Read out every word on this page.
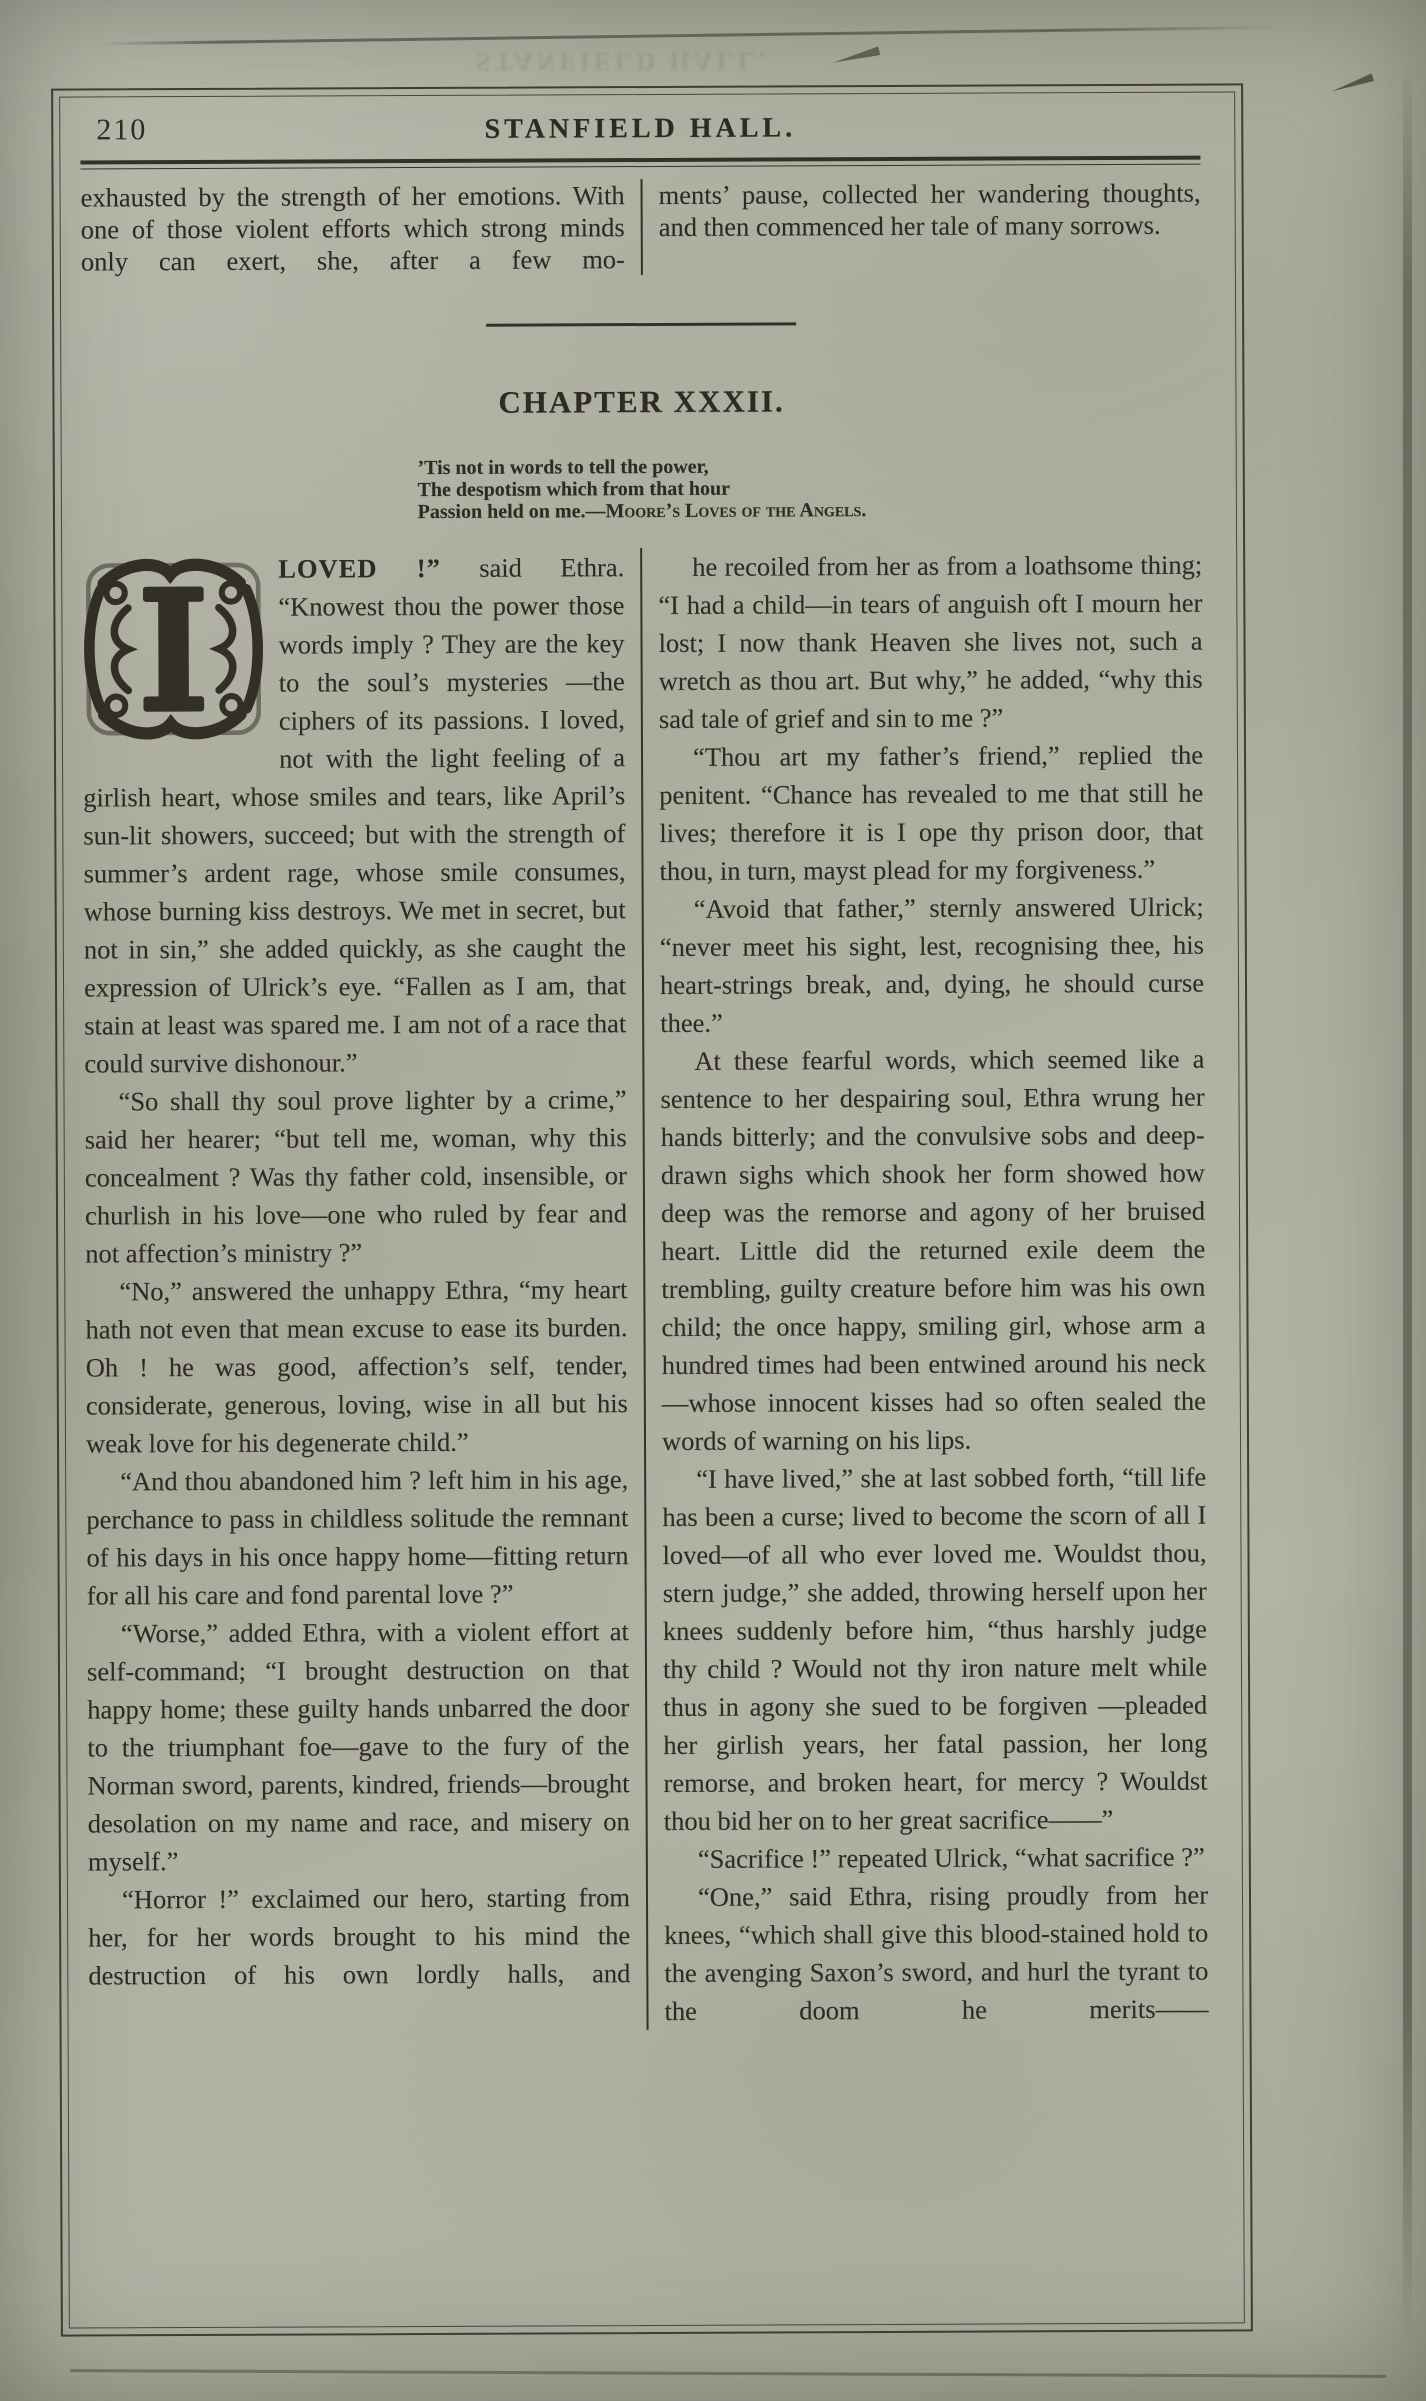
STANFIELD HALL.
210	STANFIELD HALL.
exhausted by the strength of her emotions. With one of those violent efforts which strong minds only can exert, she, after a few mo-
ments’ pause, collected her wandering thoughts, and then commenced her tale of many sorrows.
CHAPTER XXXII.
’Tis not in words to tell the power,
The despotism which from that hour
Passion held on me.—Moore’s Loves of the Angels.

LOVED !” said Ethra. “Knowest thou the power those words imply ? They are the key to the soul’s mysteries —the ciphers of its passions. I loved, not with the light feeling of a girlish heart, whose smiles and tears, like April’s sun-lit showers, succeed; but with the strength of summer’s ardent rage, whose smile consumes, whose burning kiss destroys. We met in secret, but not in sin,” she added quickly, as she caught the expression of Ulrick’s eye. “Fallen as I am, that stain at least was spared me. I am not of a race that could survive dishonour.”

“So shall thy soul prove lighter by a crime,” said her hearer; “but tell me, woman, why this concealment ? Was thy father cold, insensible, or churlish in his love—one who ruled by fear and not affection’s ministry ?”

“No,” answered the unhappy Ethra, “my heart hath not even that mean excuse to ease its burden. Oh ! he was good, affection’s self, tender, considerate, generous, loving, wise in all but his weak love for his degenerate child.”

“And thou abandoned him ? left him in his age, perchance to pass in childless solitude the remnant of his days in his once happy home—fitting return for all his care and fond parental love ?”

“Worse,” added Ethra, with a violent effort at self-command; “I brought destruction on that happy home; these guilty hands unbarred the door to the triumphant foe—gave to the fury of the Norman sword, parents, kindred, friends—brought desolation on my name and race, and misery on myself.”

“Horror !” exclaimed our hero, starting from her, for her words brought to his mind the destruction of his own lordly halls, and

he recoiled from her as from a loathsome thing; “I had a child—in tears of anguish oft I mourn her lost; I now thank Heaven she lives not, such a wretch as thou art. But why,” he added, “why this sad tale of grief and sin to me ?”

“Thou art my father’s friend,” replied the penitent. “Chance has revealed to me that still he lives; therefore it is I ope thy prison door, that thou, in turn, mayst plead for my forgiveness.”

“Avoid that father,” sternly answered Ulrick; “never meet his sight, lest, recognising thee, his heart-strings break, and, dying, he should curse thee.”

At these fearful words, which seemed like a sentence to her despairing soul, Ethra wrung her hands bitterly; and the convulsive sobs and deep-drawn sighs which shook her form showed how deep was the remorse and agony of her bruised heart. Little did the returned exile deem the trembling, guilty creature before him was his own child; the once happy, smiling girl, whose arm a hundred times had been entwined around his neck—whose innocent kisses had so often sealed the words of warning on his lips.

“I have lived,” she at last sobbed forth, “till life has been a curse; lived to become the scorn of all I loved—of all who ever loved me. Wouldst thou, stern judge,” she added, throwing herself upon her knees suddenly before him, “thus harshly judge thy child ? Would not thy iron nature melt while thus in agony she sued to be forgiven —pleaded her girlish years, her fatal passion, her long remorse, and broken heart, for mercy ? Wouldst thou bid her on to her great sacrifice——”

“Sacrifice !” repeated Ulrick, “what sacrifice ?”

“One,” said Ethra, rising proudly from her knees, “which shall give this blood-stained hold to the avenging Saxon’s sword, and hurl the tyrant to the doom he merits——
